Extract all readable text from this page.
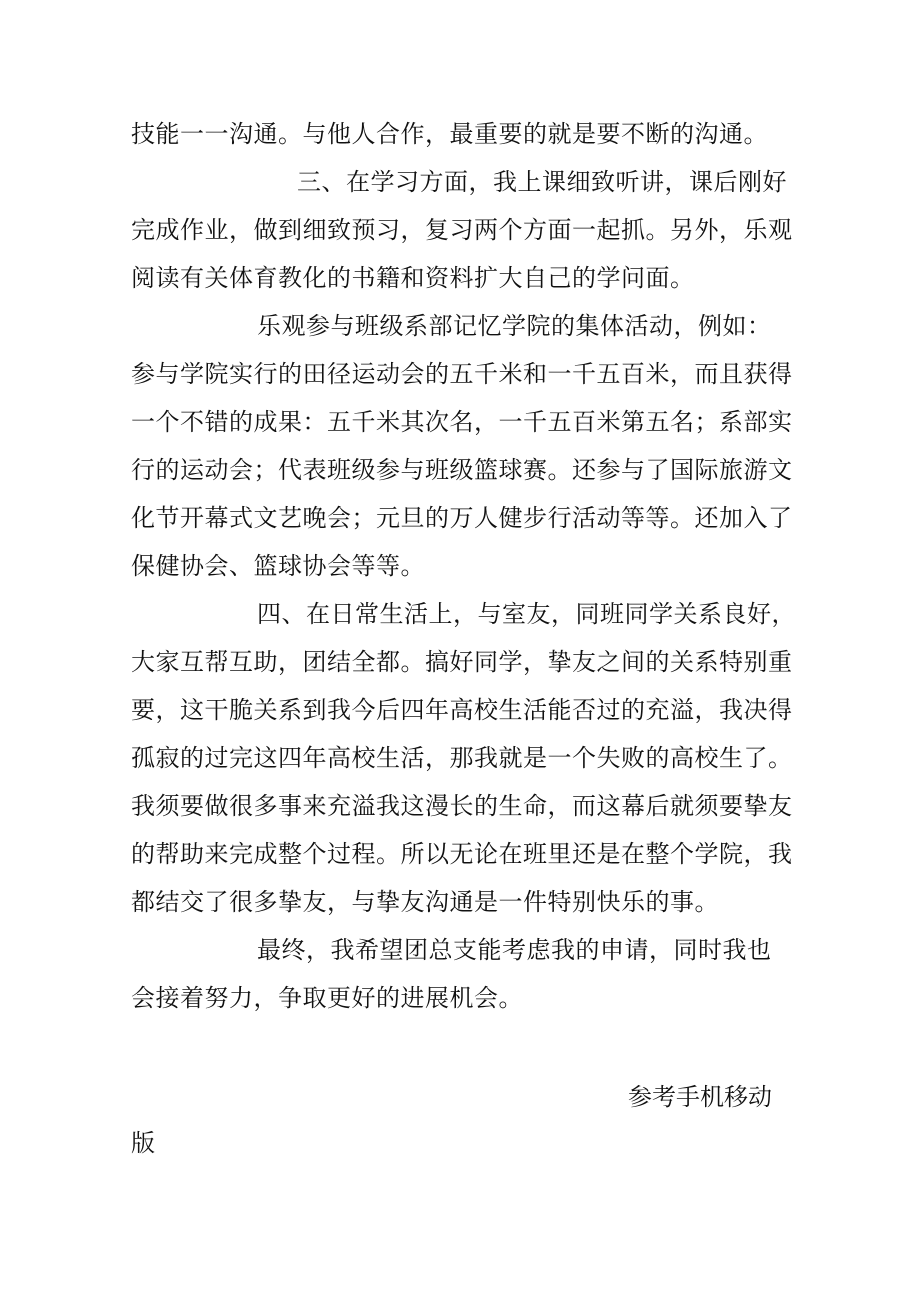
技能一一沟通。与他人合作，最重要的就是要不断的沟通。
三、在学习方面，我上课细致听讲，课后刚好
完成作业，做到细致预习，复习两个方面一起抓。另外，乐观
阅读有关体育教化的书籍和资料扩大自己的学问面。
乐观参与班级系部记忆学院的集体活动，例如：
参与学院实行的田径运动会的五千米和一千五百米，而且获得
一个不错的成果：五千米其次名，一千五百米第五名；系部实
行的运动会；代表班级参与班级篮球赛。还参与了国际旅游文
化节开幕式文艺晚会；元旦的万人健步行活动等等。还加入了
保健协会、篮球协会等等。
四、在日常生活上，与室友，同班同学关系良好，
大家互帮互助，团结全都。搞好同学，挚友之间的关系特别重
要，这干脆关系到我今后四年高校生活能否过的充溢，我决得
孤寂的过完这四年高校生活，那我就是一个失败的高校生了。
我须要做很多事来充溢我这漫长的生命，而这幕后就须要挚友
的帮助来完成整个过程。所以无论在班里还是在整个学院，我
都结交了很多挚友，与挚友沟通是一件特别快乐的事。
最终，我希望团总支能考虑我的申请，同时我也
会接着努力，争取更好的进展机会。
参考手机移动
版
